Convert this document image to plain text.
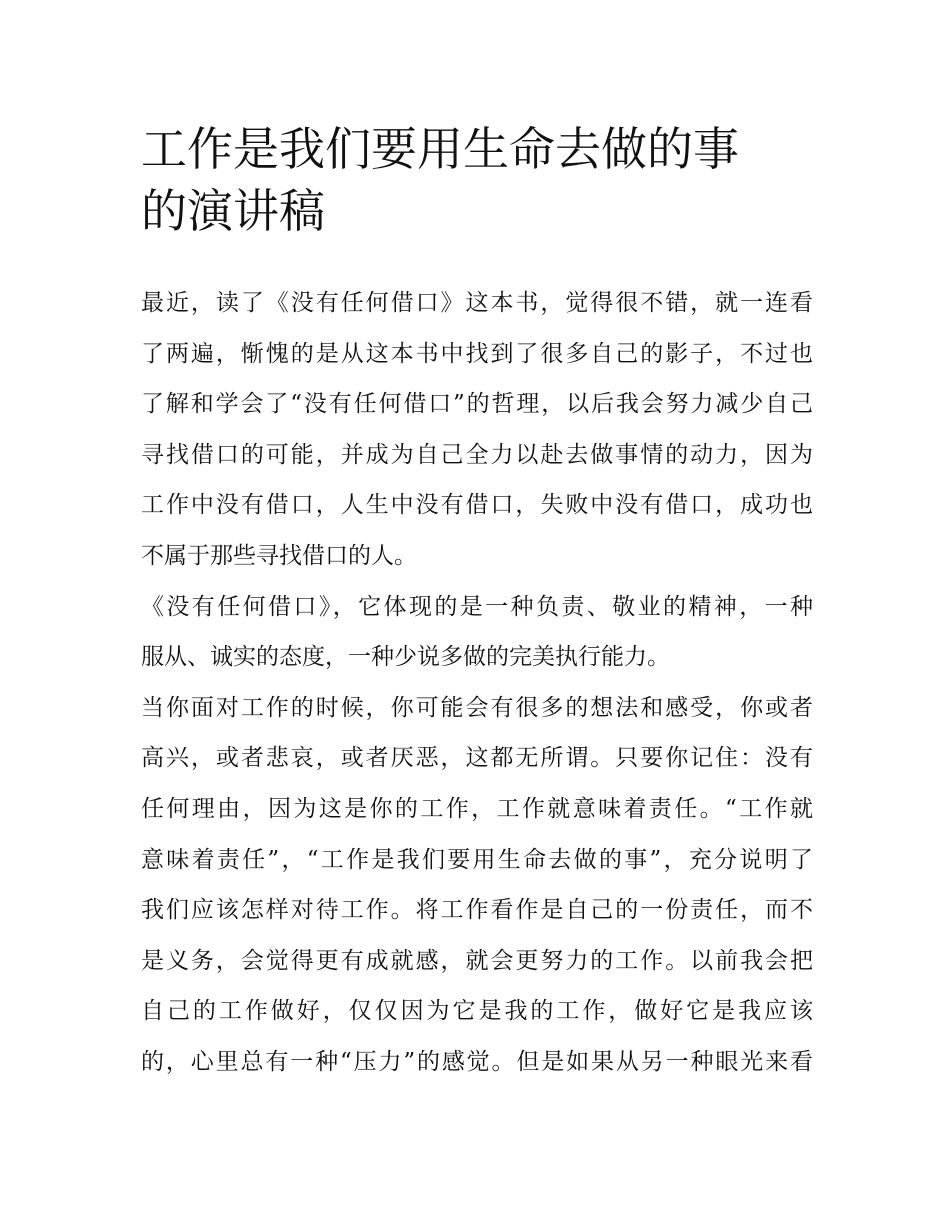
工作是我们要用生命去做的事
的演讲稿

最近，读了《没有任何借口》这本书，觉得很不错，就一连看
了两遍，惭愧的是从这本书中找到了很多自己的影子，不过也
了解和学会了“没有任何借口”的哲理，以后我会努力减少自己
寻找借口的可能，并成为自己全力以赴去做事情的动力，因为
工作中没有借口，人生中没有借口，失败中没有借口，成功也
不属于那些寻找借口的人。

《没有任何借口》，它体现的是一种负责、敬业的精神，一种
服从、诚实的态度，一种少说多做的完美执行能力。

当你面对工作的时候，你可能会有很多的想法和感受，你或者
高兴，或者悲哀，或者厌恶，这都无所谓。只要你记住：没有
任何理由，因为这是你的工作，工作就意味着责任。“工作就
意味着责任”，“工作是我们要用生命去做的事”，充分说明了
我们应该怎样对待工作。将工作看作是自己的一份责任，而不
是义务，会觉得更有成就感，就会更努力的工作。以前我会把
自己的工作做好，仅仅因为它是我的工作，做好它是我应该
的，心里总有一种“压力”的感觉。但是如果从另一种眼光来看
